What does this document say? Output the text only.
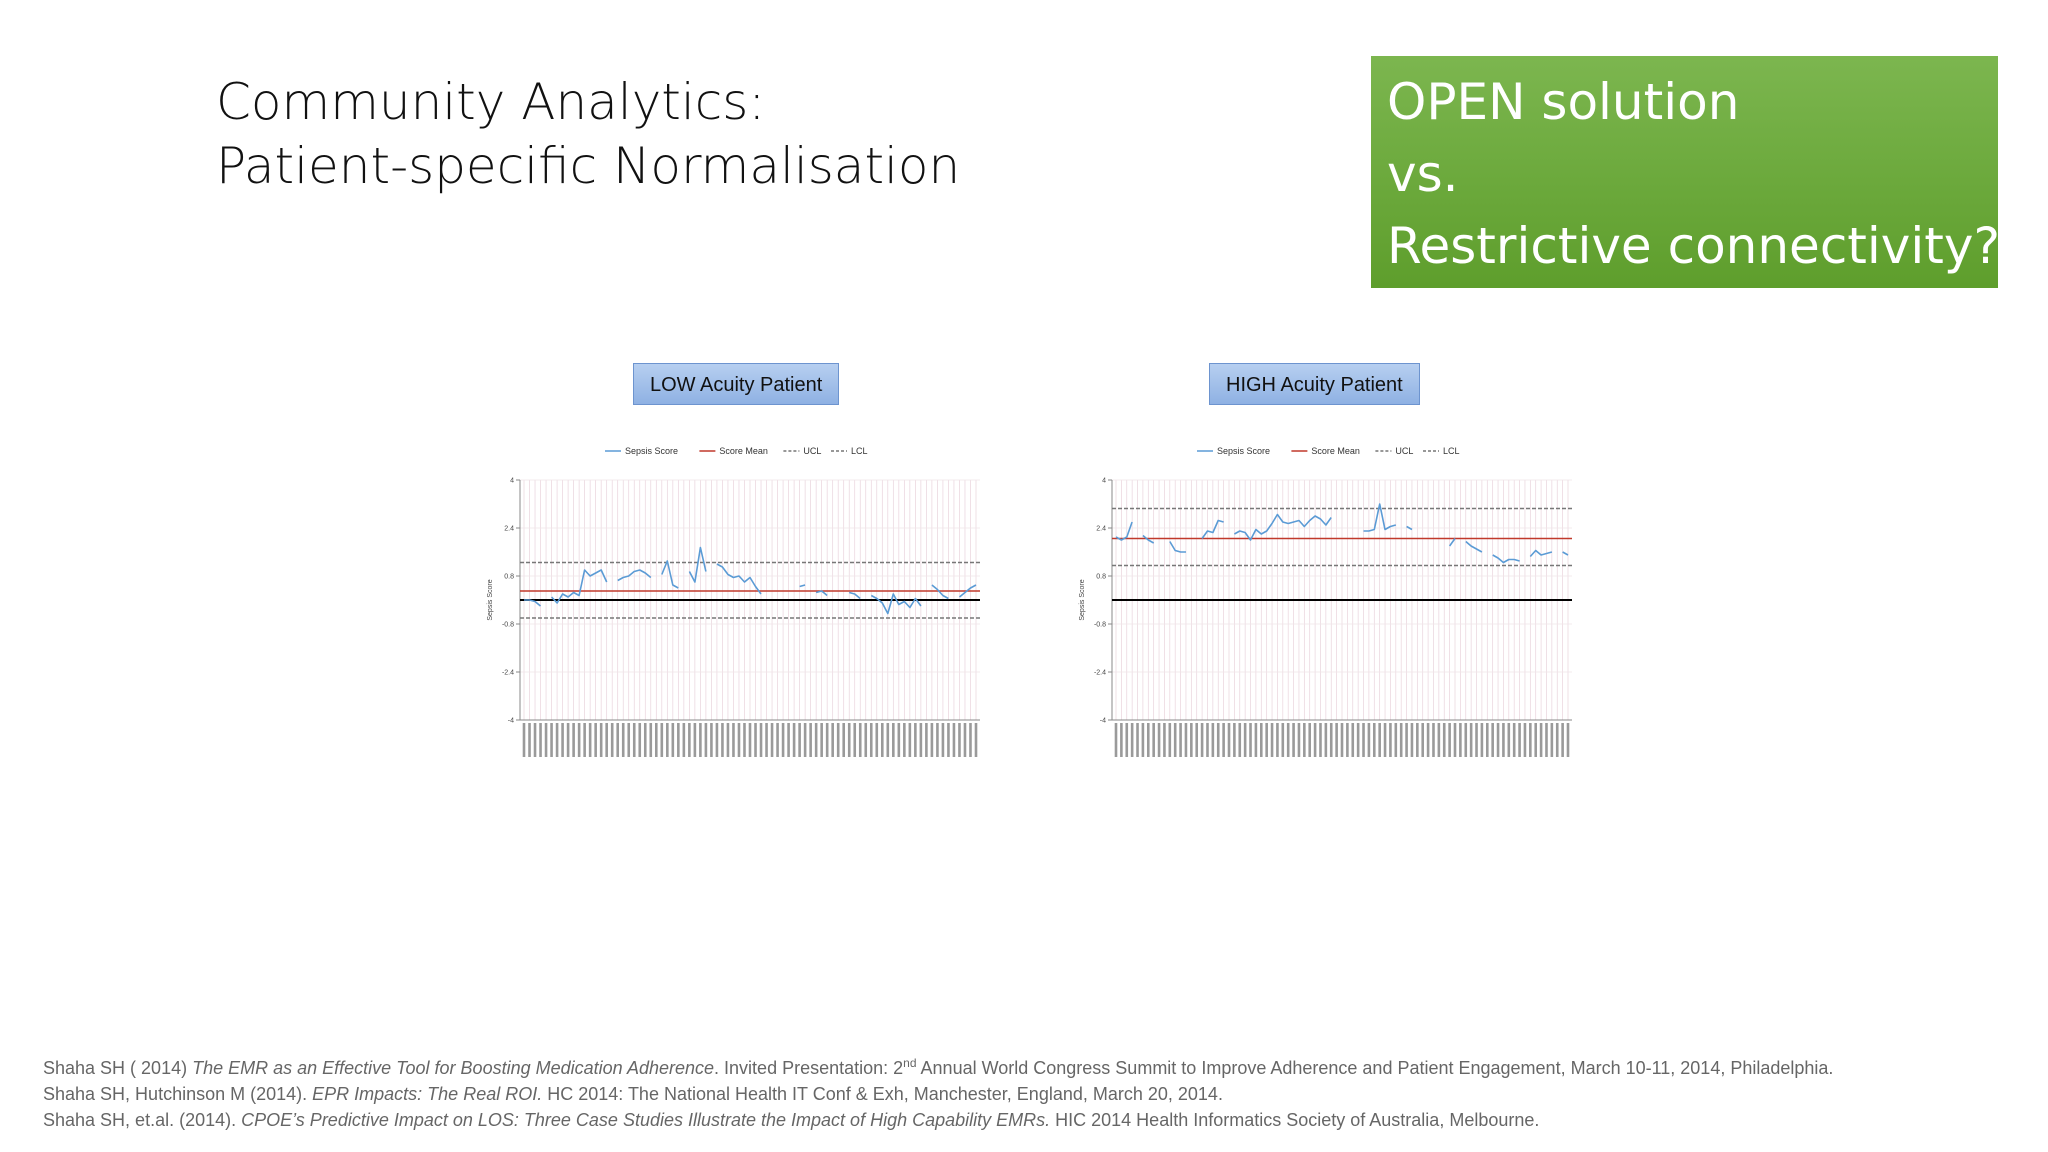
Community Analytics:
Patient-specific Normalisation
OPEN solution
vs.
Restrictive connectivity?
LOW Acuity Patient	HIGH Acuity Patient
Sepsis Score	Score Mean	UCL	LCL
4
2.4
0.8
-0.8
-2.4
-4
Sepsis Score
Sepsis Score	Score Mean	UCL	LCL
4
2.4
0.8
-0.8
-2.4
-4
Sepsis Score
Shaha SH ( 2014) The EMR as an Effective Tool for Boosting Medication Adherence. Invited Presentation: 2nd Annual World Congress Summit to Improve Adherence and Patient Engagement, March 10-11, 2014, Philadelphia.
Shaha SH, Hutchinson M (2014). EPR Impacts: The Real ROI. HC 2014: The National Health IT Conf & Exh, Manchester, England, March 20, 2014.
Shaha SH, et.al. (2014). CPOE’s Predictive Impact on LOS: Three Case Studies Illustrate the Impact of High Capability EMRs. HIC 2014 Health Informatics Society of Australia, Melbourne.
